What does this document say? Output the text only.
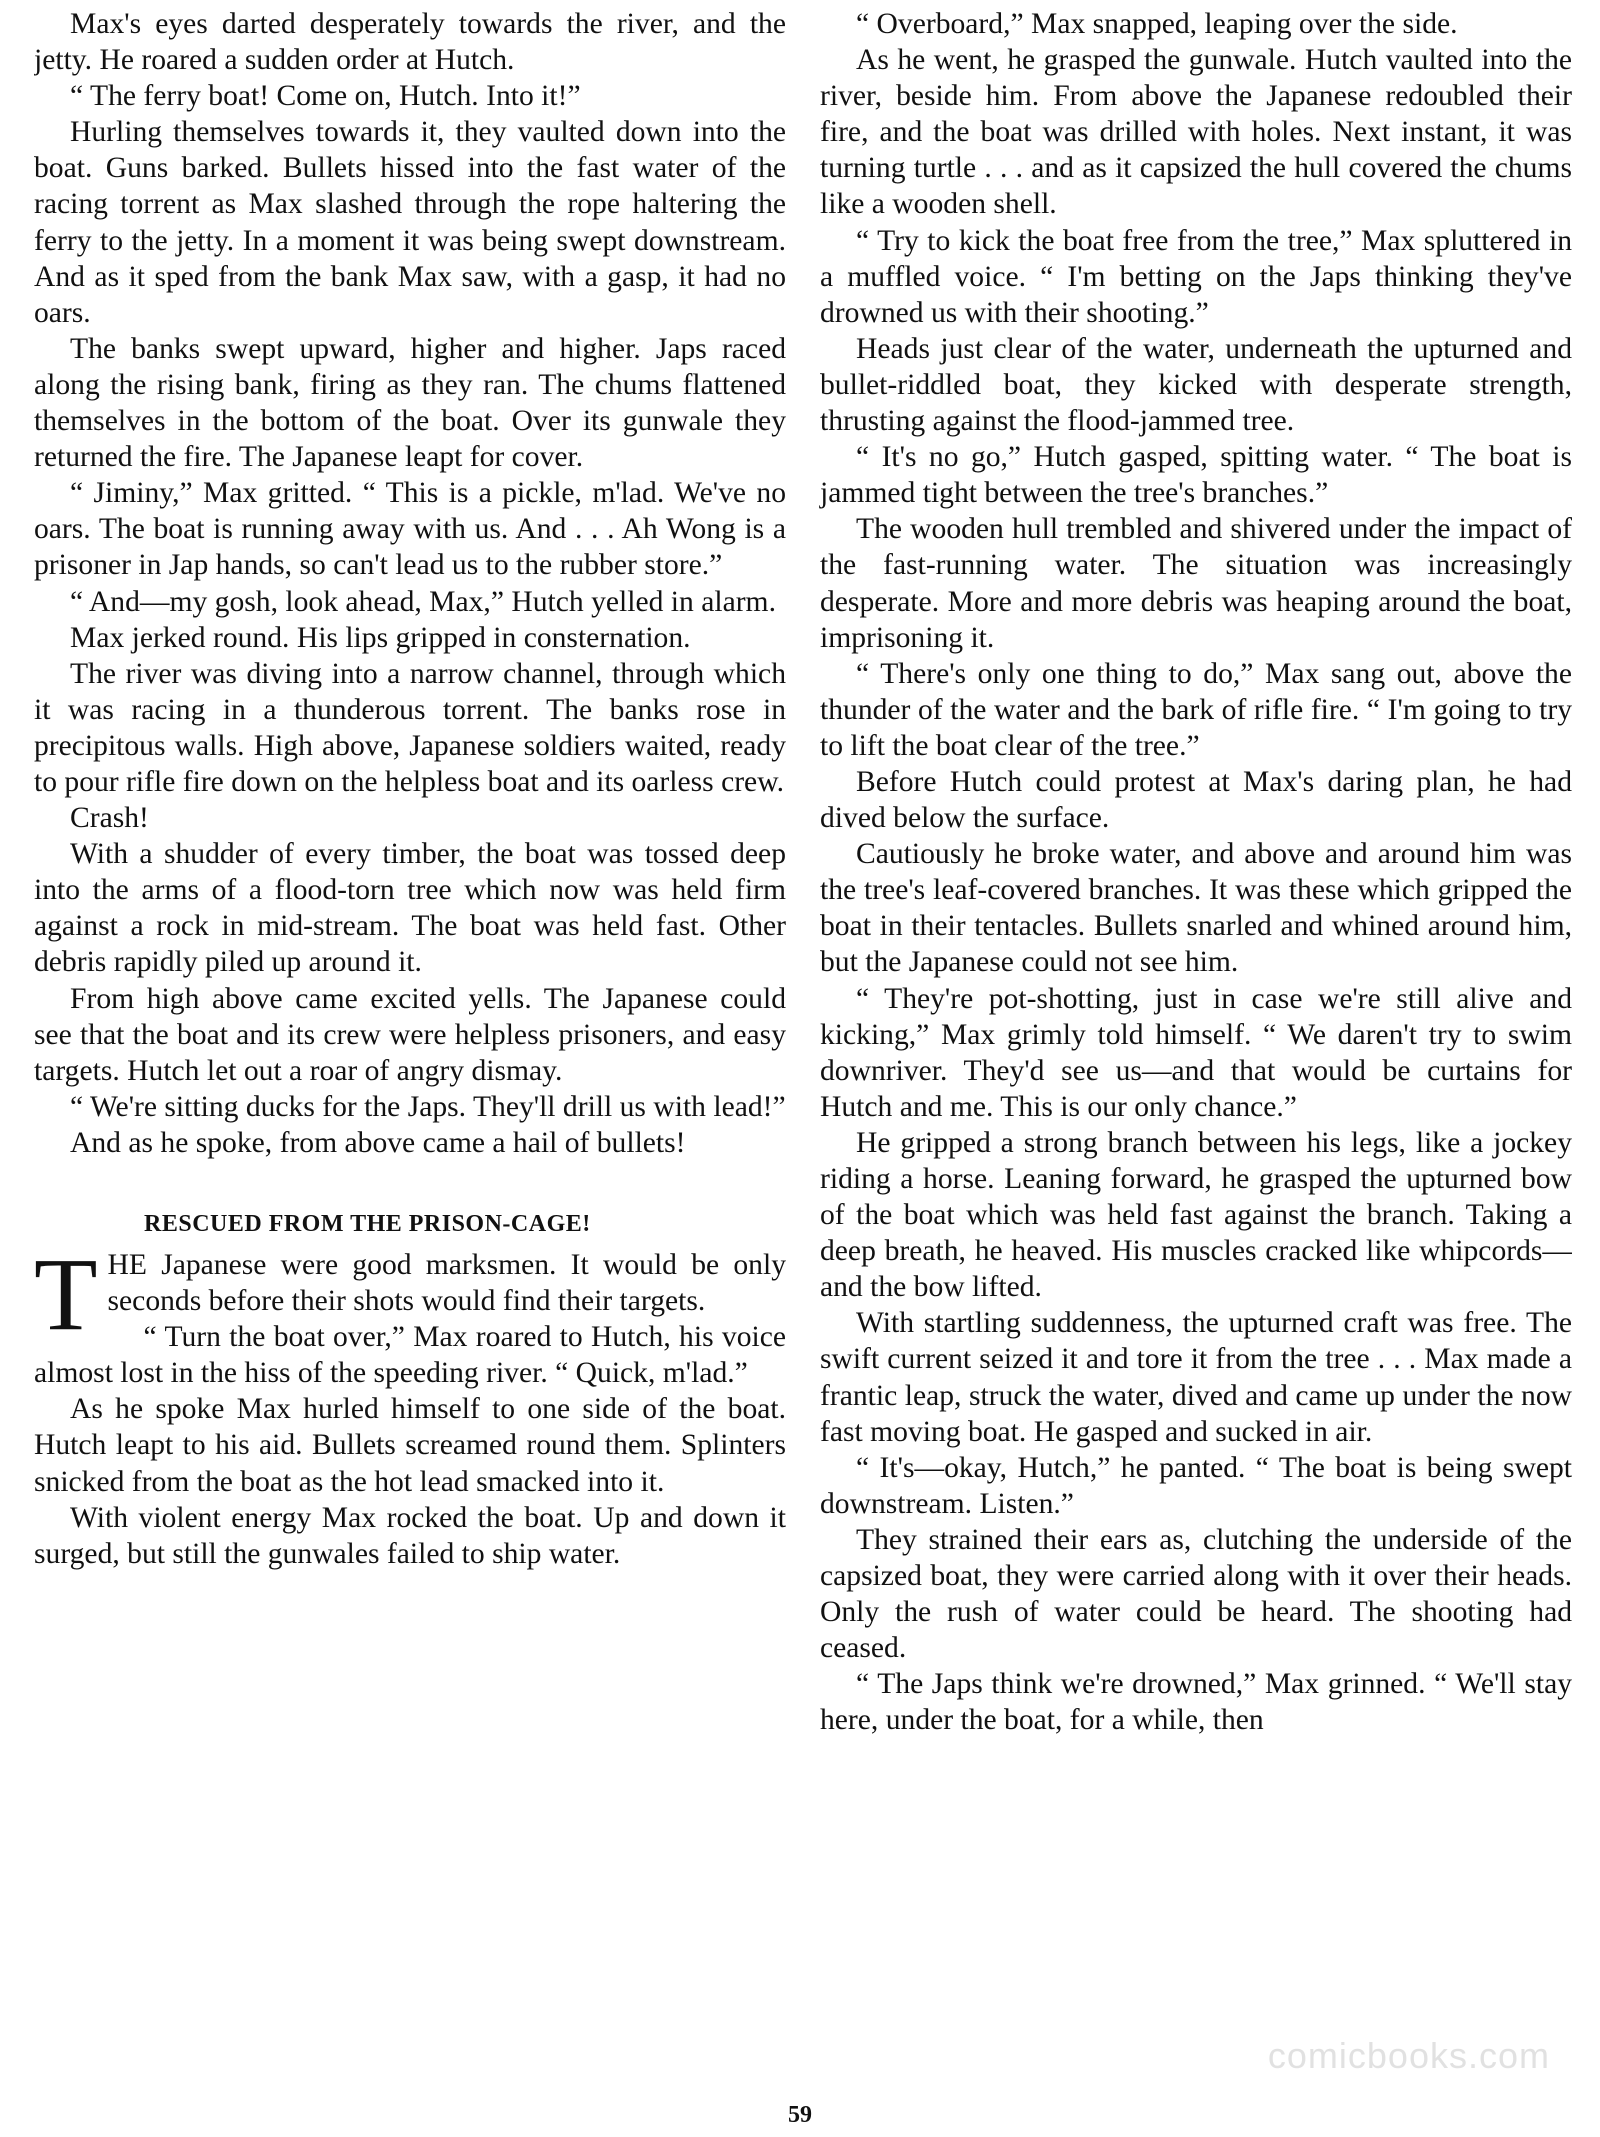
Max's eyes darted desperately towards the river, and the jetty. He roared a sudden order at Hutch.

“ The ferry boat! Come on, Hutch. Into it!”

Hurling themselves towards it, they vaulted down into the boat. Guns barked. Bullets hissed into the fast water of the racing torrent as Max slashed through the rope haltering the ferry to the jetty. In a moment it was being swept downstream. And as it sped from the bank Max saw, with a gasp, it had no oars.

The banks swept upward, higher and higher. Japs raced along the rising bank, firing as they ran. The chums flattened themselves in the bottom of the boat. Over its gunwale they returned the fire. The Japanese leapt for cover.

“ Jiminy,” Max gritted. “ This is a pickle, m'lad. We've no oars. The boat is running away with us. And . . . Ah Wong is a prisoner in Jap hands, so can't lead us to the rubber store.”

“ And—my gosh, look ahead, Max,” Hutch yelled in alarm.

Max jerked round. His lips gripped in consternation.

The river was diving into a narrow channel, through which it was racing in a thunderous torrent. The banks rose in precipitous walls. High above, Japanese soldiers waited, ready to pour rifle fire down on the helpless boat and its oarless crew.

Crash!

With a shudder of every timber, the boat was tossed deep into the arms of a flood-torn tree which now was held firm against a rock in mid-stream. The boat was held fast. Other debris rapidly piled up around it.

From high above came excited yells. The Japanese could see that the boat and its crew were helpless prisoners, and easy targets. Hutch let out a roar of angry dismay.

“ We're sitting ducks for the Japs. They'll drill us with lead!”

And as he spoke, from above came a hail of bullets!

RESCUED FROM THE PRISON-CAGE!
T HE Japanese were good marksmen. It would be only seconds before their shots would find their targets.

“ Turn the boat over,” Max roared to Hutch, his voice almost lost in the hiss of the speeding river. “ Quick, m'lad.”

As he spoke Max hurled himself to one side of the boat. Hutch leapt to his aid. Bullets screamed round them. Splinters snicked from the boat as the hot lead smacked into it.

With violent energy Max rocked the boat. Up and down it surged, but still the gunwales failed to ship water.

“ Overboard,” Max snapped, leaping over the side.

As he went, he grasped the gunwale. Hutch vaulted into the river, beside him. From above the Japanese redoubled their fire, and the boat was drilled with holes. Next instant, it was turning turtle . . . and as it capsized the hull covered the chums like a wooden shell.

“ Try to kick the boat free from the tree,” Max spluttered in a muffled voice. “ I'm betting on the Japs thinking they've drowned us with their shooting.”

Heads just clear of the water, underneath the upturned and bullet-riddled boat, they kicked with desperate strength, thrusting against the flood-jammed tree.

“ It's no go,” Hutch gasped, spitting water. “ The boat is jammed tight between the tree's branches.”

The wooden hull trembled and shivered under the impact of the fast-running water. The situation was increasingly desperate. More and more debris was heaping around the boat, imprisoning it.

“ There's only one thing to do,” Max sang out, above the thunder of the water and the bark of rifle fire. “ I'm going to try to lift the boat clear of the tree.”

Before Hutch could protest at Max's daring plan, he had dived below the surface.

Cautiously he broke water, and above and around him was the tree's leaf-covered branches. It was these which gripped the boat in their tentacles. Bullets snarled and whined around him, but the Japanese could not see him.

“ They're pot-shotting, just in case we're still alive and kicking,” Max grimly told himself. “ We daren't try to swim downriver. They'd see us—and that would be curtains for Hutch and me. This is our only chance.”

He gripped a strong branch between his legs, like a jockey riding a horse. Leaning forward, he grasped the upturned bow of the boat which was held fast against the branch. Taking a deep breath, he heaved. His muscles cracked like whipcords—and the bow lifted.

With startling suddenness, the upturned craft was free. The swift current seized it and tore it from the tree . . . Max made a frantic leap, struck the water, dived and came up under the now fast moving boat. He gasped and sucked in air.

“ It's—okay, Hutch,” he panted. “ The boat is being swept downstream. Listen.”

They strained their ears as, clutching the underside of the capsized boat, they were carried along with it over their heads. Only the rush of water could be heard. The shooting had ceased.

“ The Japs think we're drowned,” Max grinned. “ We'll stay here, under the boat, for a while, then

comicbooks.com
59
